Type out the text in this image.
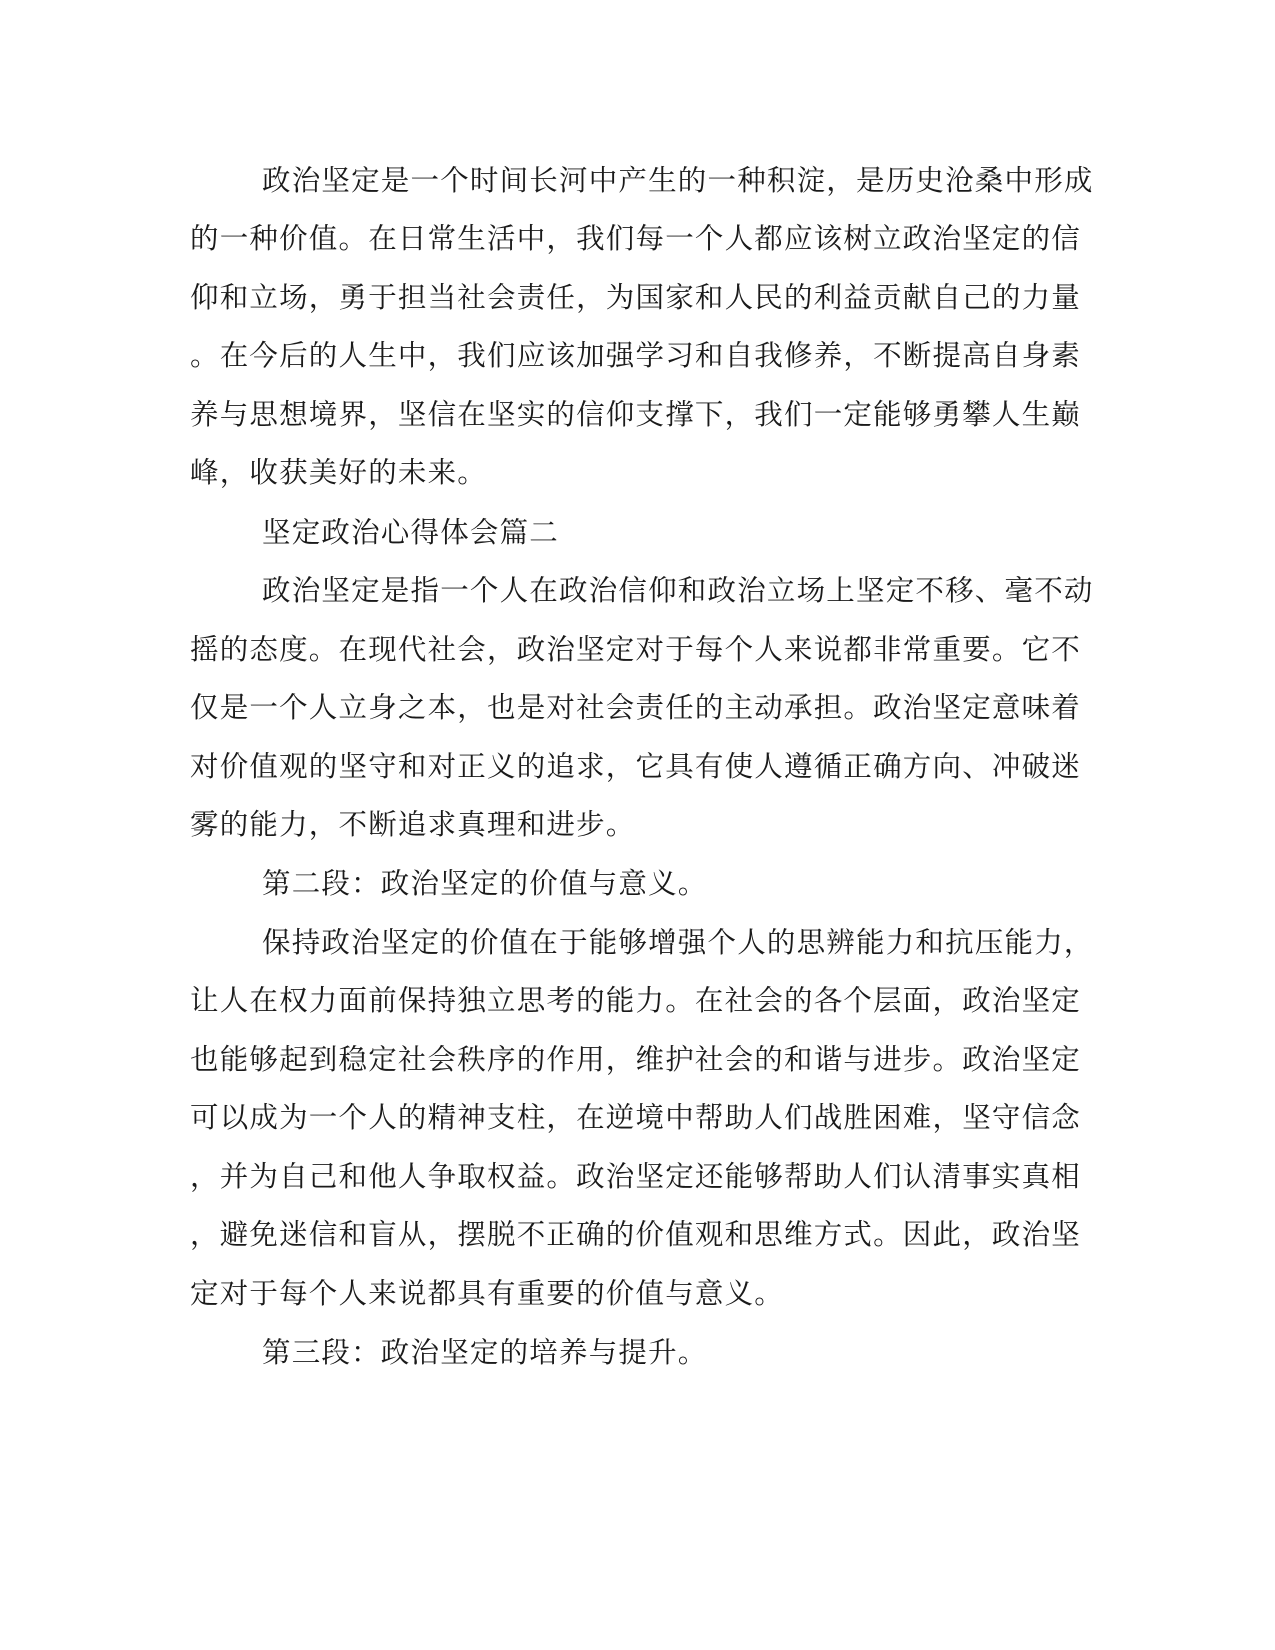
政治坚定是一个时间长河中产生的一种积淀，是历史沧桑中形成
的一种价值。在日常生活中，我们每一个人都应该树立政治坚定的信
仰和立场，勇于担当社会责任，为国家和人民的利益贡献自己的力量
。在今后的人生中，我们应该加强学习和自我修养，不断提高自身素
养与思想境界，坚信在坚实的信仰支撑下，我们一定能够勇攀人生巅
峰，收获美好的未来。
坚定政治心得体会篇二
政治坚定是指一个人在政治信仰和政治立场上坚定不移、毫不动
摇的态度。在现代社会，政治坚定对于每个人来说都非常重要。它不
仅是一个人立身之本，也是对社会责任的主动承担。政治坚定意味着
对价值观的坚守和对正义的追求，它具有使人遵循正确方向、冲破迷
雾的能力，不断追求真理和进步。
第二段：政治坚定的价值与意义。
保持政治坚定的价值在于能够增强个人的思辨能力和抗压能力，
让人在权力面前保持独立思考的能力。在社会的各个层面，政治坚定
也能够起到稳定社会秩序的作用，维护社会的和谐与进步。政治坚定
可以成为一个人的精神支柱，在逆境中帮助人们战胜困难，坚守信念
，并为自己和他人争取权益。政治坚定还能够帮助人们认清事实真相
，避免迷信和盲从，摆脱不正确的价值观和思维方式。因此，政治坚
定对于每个人来说都具有重要的价值与意义。
第三段：政治坚定的培养与提升。
